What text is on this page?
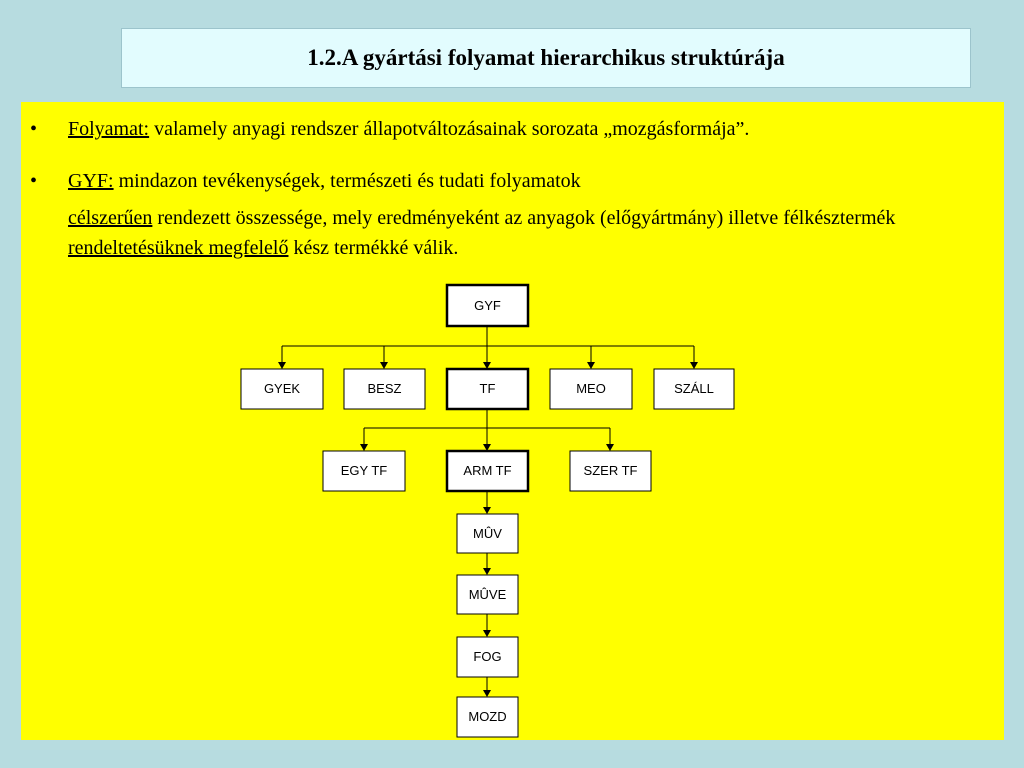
1.2.A gyártási folyamat hierarchikus struktúrája
• Folyamat: valamely anyagi rendszer állapotváltozásainak sorozata „mozgásformája”.

• GYF: mindazon tevékenységek, természeti és tudati folyamatok

célszerűen rendezett összessége, mely eredményeként az anyagok (előgyártmány) illetve félkésztermék rendeltetésüknek megfelelő kész termékké válik.

GYF
GYEK	BESZ	TF	MEO	SZÁLL
EGY TF	ARM TF	SZER TF
MÛV
MÛVE
FOG
MOZD
